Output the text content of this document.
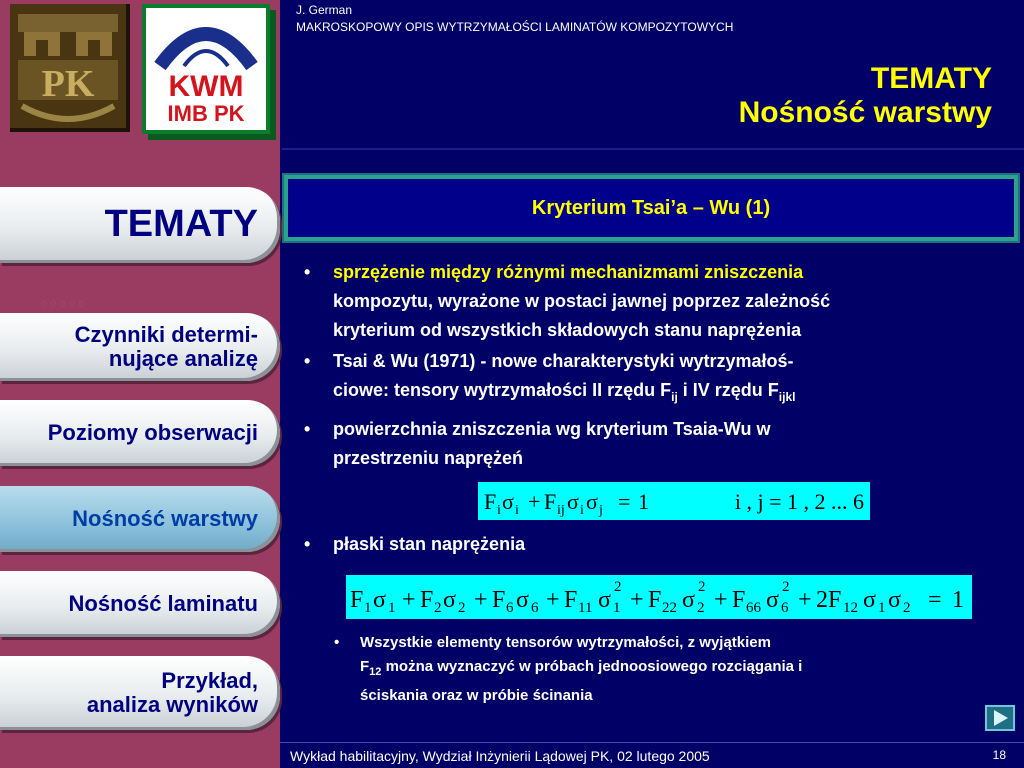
PK KWM
IMB PK
TEMATY
◌ ◌ ◌ ◌ ◌
Czynniki determi-
nujące analizę
Poziomy obserwacji
Nośność warstwy
Nośność laminatu
Przykład,
analiza wyników
J. German
MAKROSKOPOWY OPIS WYTRZYMAŁOŚCI LAMINATÓW KOMPOZYTOWYCH
TEMATY
Nośność warstwy
Kryterium Tsai’a – Wu (1)
• sprzężenie między różnymi mechanizmami zniszczenia
kompozytu, wyrażone w postaci jawnej poprzez zależność
kryterium od wszystkich składowych stanu naprężenia
• Tsai & Wu (1971) - nowe charakterystyki wytrzymałoś-
ciowe: tensory wytrzymałości II rzędu $F_{ij}$ i IV rzędu $F_{ijkl}$
• powierzchnia zniszczenia wg kryterium Tsaia-Wu w
przestrzeniu naprężeń
F i σ i + F ij σ i σ j = 1	i , j = 1 , 2 ... 6
• płaski stan naprężenia
F 1 σ 1 + F 2 σ 2 + F 6 σ 6 + F 11 σ 1
2 + F 22 σ 2
2 + F 66 σ 6
2 + 2F 12 σ 1 σ 2 = 1
• Wszystkie elementy tensorów wytrzymałości, z wyjątkiem
$F_{12}$ można wyznaczyć w próbach jednoosiowego rozciągania i
ściskania oraz w próbie ścinania
Wykład habilitacyjny, Wydział Inżynierii Lądowej PK, 02 lutego 2005	18
